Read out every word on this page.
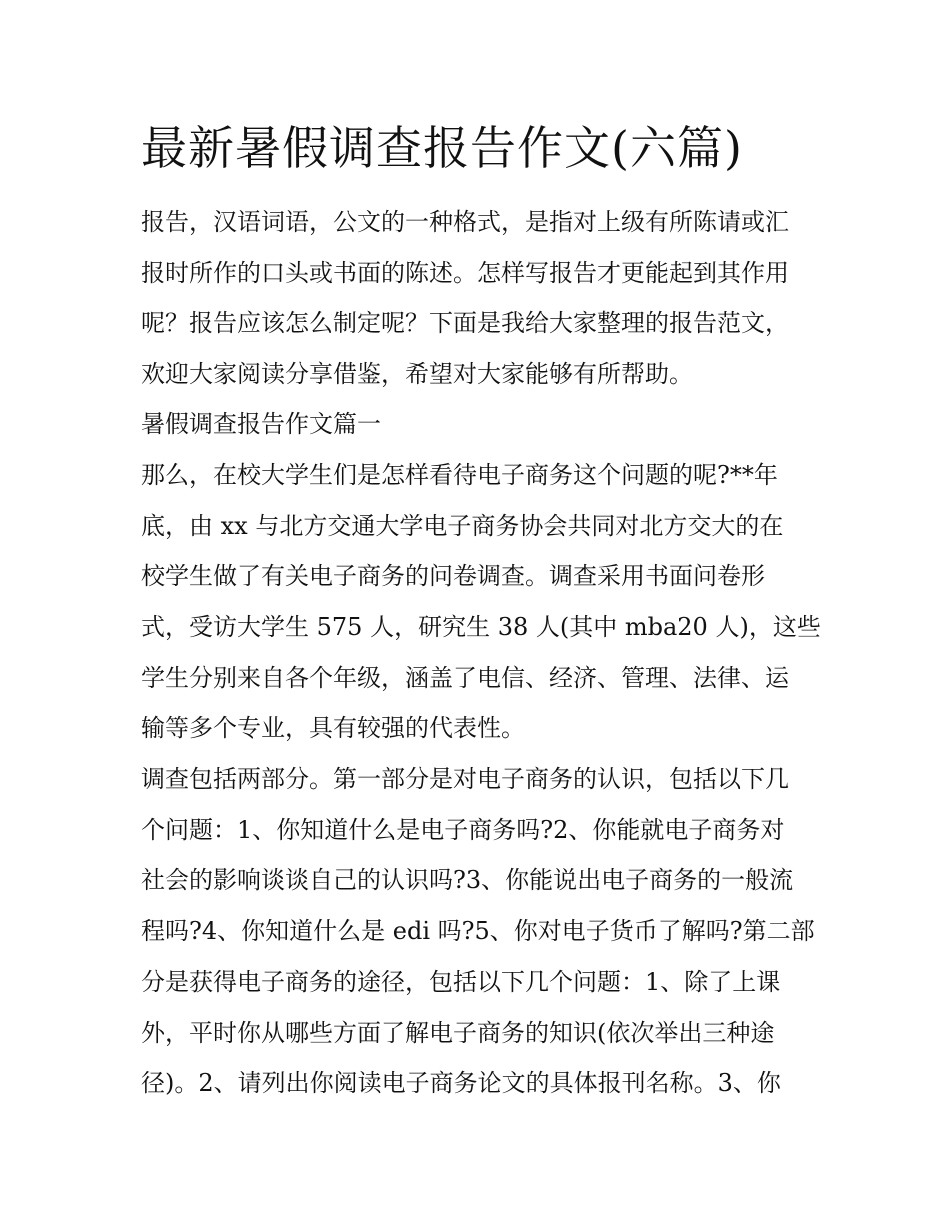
最新暑假调查报告作文(六篇)

报告，汉语词语，公文的一种格式，是指对上级有所陈请或汇

报时所作的口头或书面的陈述。怎样写报告才更能起到其作用

呢？报告应该怎么制定呢？下面是我给大家整理的报告范文，

欢迎大家阅读分享借鉴，希望对大家能够有所帮助。

暑假调查报告作文篇一

那么，在校大学生们是怎样看待电子商务这个问题的呢?**年

底，由 xx 与北方交通大学电子商务协会共同对北方交大的在

校学生做了有关电子商务的问卷调查。调查采用书面问卷形

式，受访大学生 575 人，研究生 38 人(其中 mba20 人)，这些

学生分别来自各个年级，涵盖了电信、经济、管理、法律、运

输等多个专业，具有较强的代表性。

调查包括两部分。第一部分是对电子商务的认识，包括以下几

个问题：1、你知道什么是电子商务吗?2、你能就电子商务对

社会的影响谈谈自己的认识吗?3、你能说出电子商务的一般流

程吗?4、你知道什么是 edi 吗?5、你对电子货币了解吗?第二部

分是获得电子商务的途径，包括以下几个问题：1、除了上课

外，平时你从哪些方面了解电子商务的知识(依次举出三种途

径)。2、请列出你阅读电子商务论文的具体报刊名称。3、你
